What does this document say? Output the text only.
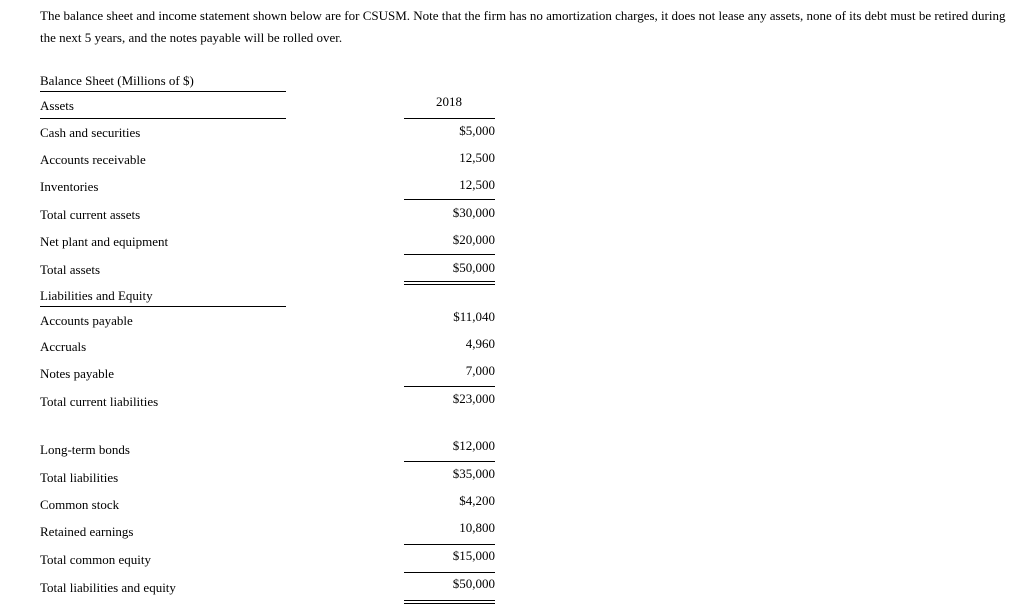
The balance sheet and income statement shown below are for CSUSM. Note that the firm has no amortization charges, it does not lease any assets, none of its debt must be retired during the next 5 years, and the notes payable will be rolled over.

Balance Sheet (Millions of $)
Assets	2018
Cash and securities	$5,000
Accounts receivable	12,500
Inventories	12,500
Total current assets	$30,000
Net plant and equipment	$20,000
Total assets	$50,000
Liabilities and Equity
Accounts payable	$11,040
Accruals	4,960
Notes payable	7,000
Total current liabilities	$23,000
Long-term bonds	$12,000
Total liabilities	$35,000
Common stock	$4,200
Retained earnings	10,800
Total common equity	$15,000
Total liabilities and equity	$50,000
